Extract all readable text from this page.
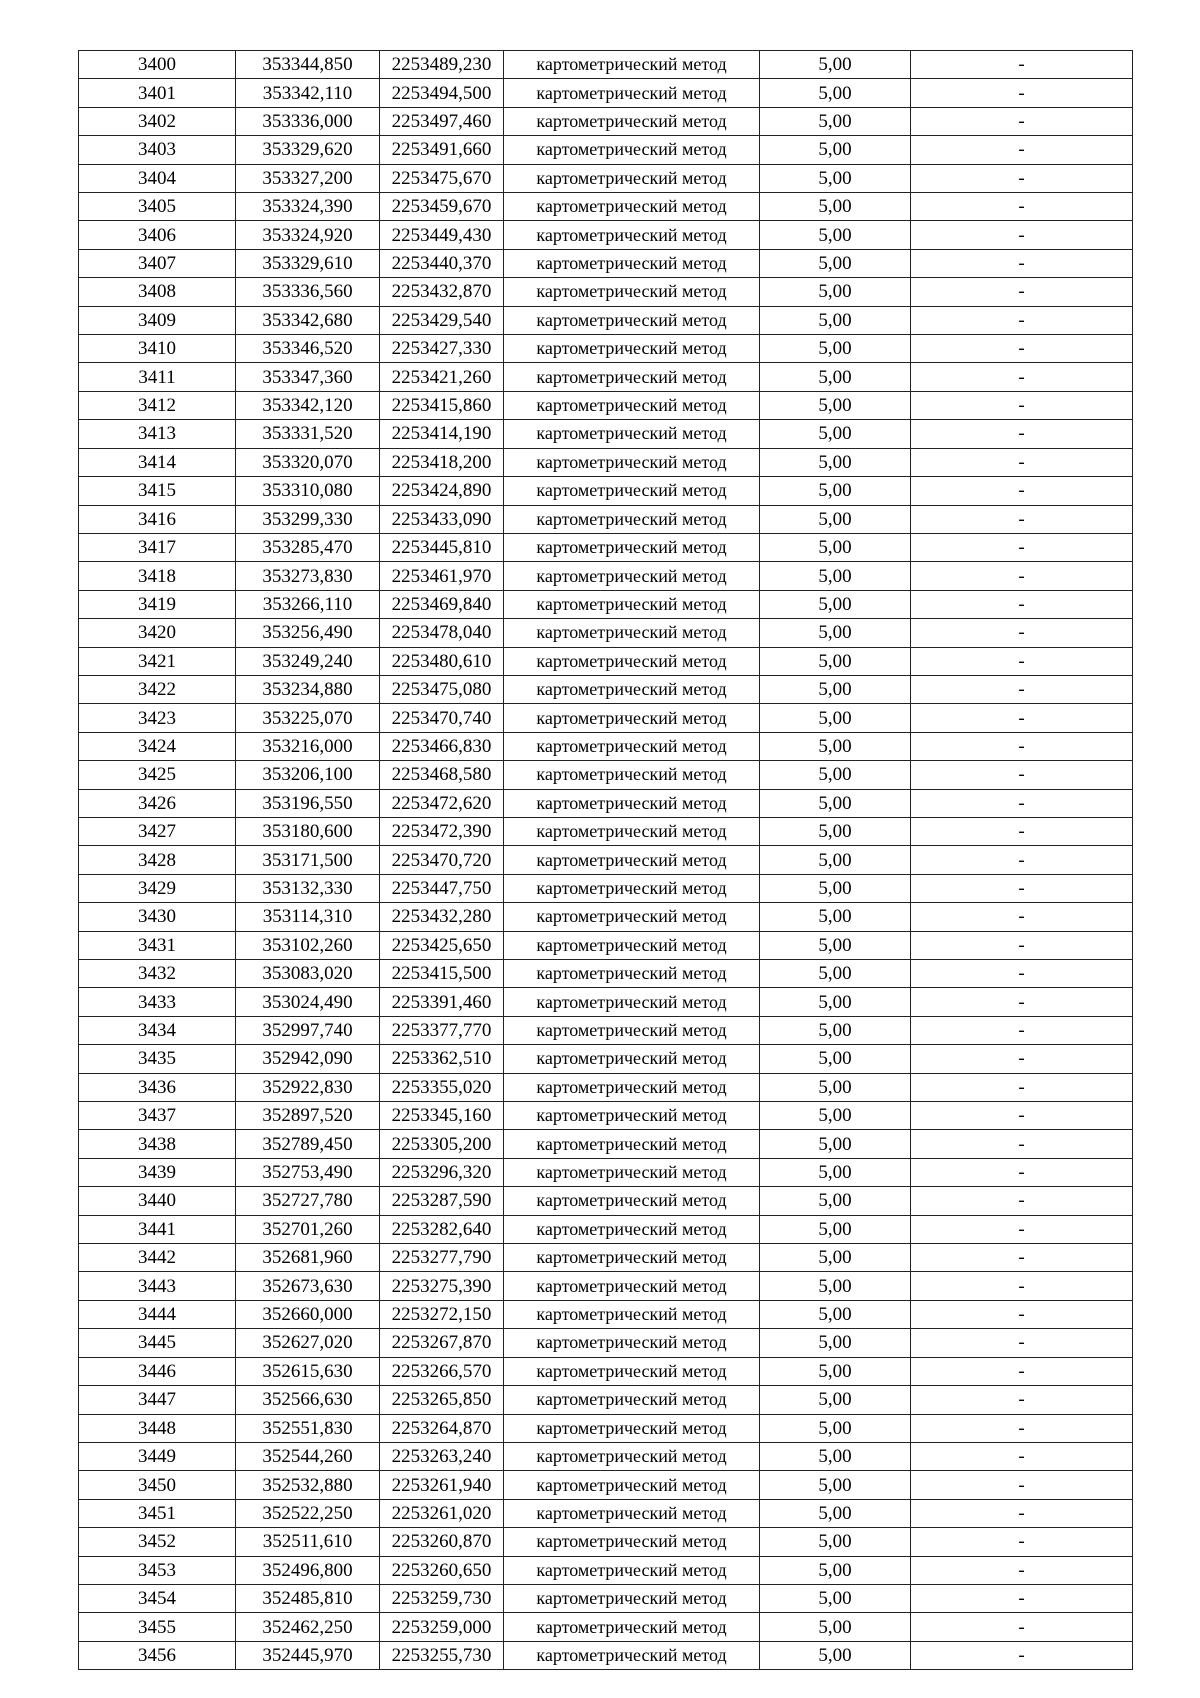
3400	353344,850	2253489,230	картометрический метод	5,00	-
3401	353342,110	2253494,500	картометрический метод	5,00	-
3402	353336,000	2253497,460	картометрический метод	5,00	-
3403	353329,620	2253491,660	картометрический метод	5,00	-
3404	353327,200	2253475,670	картометрический метод	5,00	-
3405	353324,390	2253459,670	картометрический метод	5,00	-
3406	353324,920	2253449,430	картометрический метод	5,00	-
3407	353329,610	2253440,370	картометрический метод	5,00	-
3408	353336,560	2253432,870	картометрический метод	5,00	-
3409	353342,680	2253429,540	картометрический метод	5,00	-
3410	353346,520	2253427,330	картометрический метод	5,00	-
3411	353347,360	2253421,260	картометрический метод	5,00	-
3412	353342,120	2253415,860	картометрический метод	5,00	-
3413	353331,520	2253414,190	картометрический метод	5,00	-
3414	353320,070	2253418,200	картометрический метод	5,00	-
3415	353310,080	2253424,890	картометрический метод	5,00	-
3416	353299,330	2253433,090	картометрический метод	5,00	-
3417	353285,470	2253445,810	картометрический метод	5,00	-
3418	353273,830	2253461,970	картометрический метод	5,00	-
3419	353266,110	2253469,840	картометрический метод	5,00	-
3420	353256,490	2253478,040	картометрический метод	5,00	-
3421	353249,240	2253480,610	картометрический метод	5,00	-
3422	353234,880	2253475,080	картометрический метод	5,00	-
3423	353225,070	2253470,740	картометрический метод	5,00	-
3424	353216,000	2253466,830	картометрический метод	5,00	-
3425	353206,100	2253468,580	картометрический метод	5,00	-
3426	353196,550	2253472,620	картометрический метод	5,00	-
3427	353180,600	2253472,390	картометрический метод	5,00	-
3428	353171,500	2253470,720	картометрический метод	5,00	-
3429	353132,330	2253447,750	картометрический метод	5,00	-
3430	353114,310	2253432,280	картометрический метод	5,00	-
3431	353102,260	2253425,650	картометрический метод	5,00	-
3432	353083,020	2253415,500	картометрический метод	5,00	-
3433	353024,490	2253391,460	картометрический метод	5,00	-
3434	352997,740	2253377,770	картометрический метод	5,00	-
3435	352942,090	2253362,510	картометрический метод	5,00	-
3436	352922,830	2253355,020	картометрический метод	5,00	-
3437	352897,520	2253345,160	картометрический метод	5,00	-
3438	352789,450	2253305,200	картометрический метод	5,00	-
3439	352753,490	2253296,320	картометрический метод	5,00	-
3440	352727,780	2253287,590	картометрический метод	5,00	-
3441	352701,260	2253282,640	картометрический метод	5,00	-
3442	352681,960	2253277,790	картометрический метод	5,00	-
3443	352673,630	2253275,390	картометрический метод	5,00	-
3444	352660,000	2253272,150	картометрический метод	5,00	-
3445	352627,020	2253267,870	картометрический метод	5,00	-
3446	352615,630	2253266,570	картометрический метод	5,00	-
3447	352566,630	2253265,850	картометрический метод	5,00	-
3448	352551,830	2253264,870	картометрический метод	5,00	-
3449	352544,260	2253263,240	картометрический метод	5,00	-
3450	352532,880	2253261,940	картометрический метод	5,00	-
3451	352522,250	2253261,020	картометрический метод	5,00	-
3452	352511,610	2253260,870	картометрический метод	5,00	-
3453	352496,800	2253260,650	картометрический метод	5,00	-
3454	352485,810	2253259,730	картометрический метод	5,00	-
3455	352462,250	2253259,000	картометрический метод	5,00	-
3456	352445,970	2253255,730	картометрический метод	5,00	-
